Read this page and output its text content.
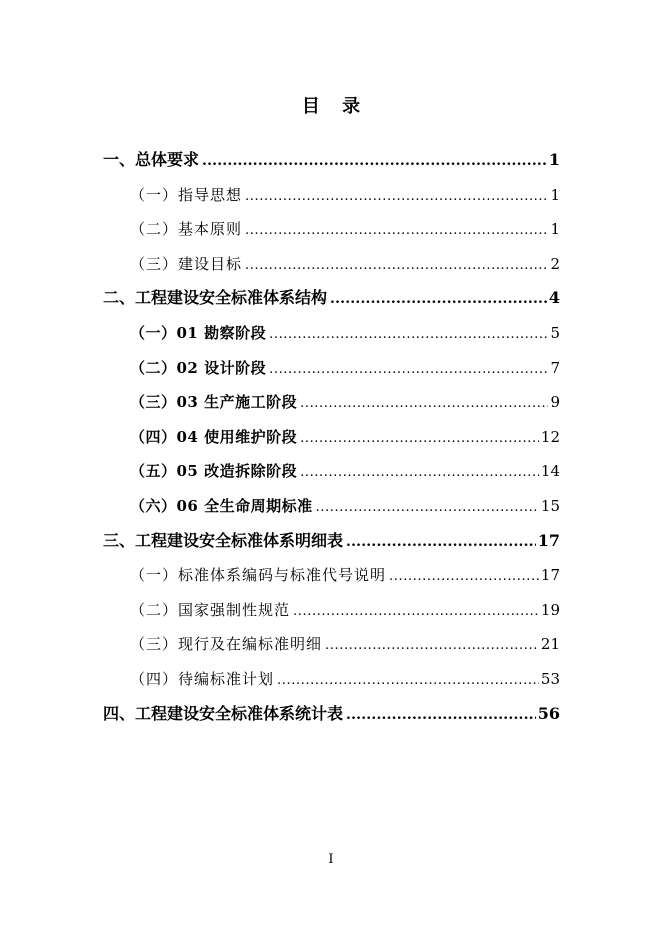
目 录
一、总体要求 .....	1
（一）指导思想 .....	1
（二）基本原则 .....	1
（三）建设目标 .....	2
二、工程建设安全标准体系结构 .....	4
（一）01 勘察阶段 .....	5
（二）02 设计阶段 .....	7
（三）03 生产施工阶段 .....	9
（四）04 使用维护阶段 .....	12
（五）05 改造拆除阶段 .....	14
（六）06 全生命周期标准 .....	15
三、工程建设安全标准体系明细表 .....	17
（一）标准体系编码与标准代号说明 .....	17
（二）国家强制性规范 .....	19
（三）现行及在编标准明细 .....	21
（四）待编标准计划 .....	53
四、工程建设安全标准体系统计表 .....	56
I
